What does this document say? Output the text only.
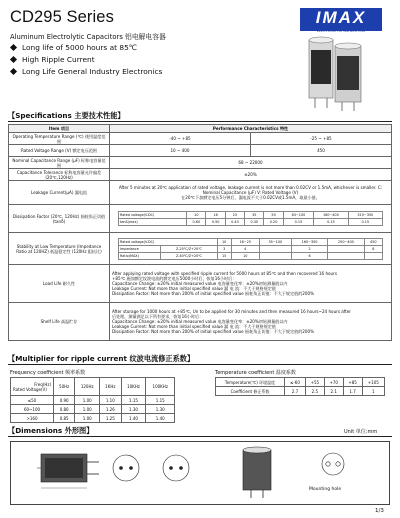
CD295 Series
Aluminum Electrolytic Capacitors 铝电解电容器
Long life of 5000 hours at 85℃
High Ripple Current
Long Life General Industry Electronics
IMAX
ELECTROLYTIC CAPACITORS
【Specifications 主要技术性能】
Item 项目	Performance Characteristics 特性
Operating Temperature Range (℃) 使用温度范围	-40 ~ +85	-25 ~ +85
Rated Voltage Range (V) 额定电压范围	10 ~ 400	450
Nominal Capacitance Range (μF) 标称电容量范围	68 ~ 22000
Capacitance Tolerance 标称电容量允许偏差(20℃,120Hz)	±20%
Leakage Current(μA) 漏电流	
After 5 minutes at 20℃ application of rated voltage, leakage current is not more than 0.02CV or 1.5mA, whichever is smaller. C: Nominal Capacitance (μF) V: Rated Voltage (V)
在20℃下加额定电压5分钟后，漏电流不大于0.02CV或1.5mA，取最小值。

Dissipation Factor (20℃, 120Hz) 损耗角正切值(tanδ)	
Rated voltage(V.DC)	10	16	25	35	50	63~100	160~400	315~350
tanδ(max)	0.60	0.50	0.40	0.30	0.20	0.15	0.15	0.15

Stability at Low Temperature (Impedance Ratio at 120HZ) 低温稳定性 (120Hz 阻抗比)	
Rated voltage(V.DC)	10	16~25	35~100	160~350	250~400	450
Impedance	Z-25℃/Z+20℃	3	4		2		8
Ratio(MAX)	Z-40℃/Z+20℃	15	10		6		

Load Life 耐久性	
After applying rated voltage with specified ripple current for 5000 hours at 85℃ and then recovered 16 hours
+85℃ 施加额定纹波电流的额定电压5000小时后，恢复16小时后：
Capacitance Change: ±20% initial measured value 电容量变化率：±20%初始测量值以内
Leakage Current: Not more than initial specified value 漏 电 流：不大于规格规定值
Dissipation Factor: Not more than 200% of initial specified value 损耗角正切值：不大于规定值的200%

Shelf Life 高温贮存	
After storage for 1000 hours at +85℃, Un to be applied for 30 minutes and then measured 16 hours~24 hours after
后处理，测量满足以下所有要求，恢复16小时后：
Capacitance Change: ±20% initial measured value 电容量变化率：±20%初始测量值以内
Leakage Current: Not more than initial specified value 漏 电 流：不大于规格规定值
Dissipation Factor: Not more than 200% of initial specified value 损耗角正切值：不大于规定值的200%
【Multiplier for ripple current 纹波电流修正系数】
Frequency coefficient 频率系数
Freq(Hz)
Rated Voltage(V)	50Hz	120Hz	1KHz	10KHz	100KHz
≤50	0.90	1.00	1.10	1.15	1.15
60~100	0.80	1.00	1.26	1.30	1.30
>160	0.85	1.00	1.25	1.40	1.40
Temperature coefficient 温度系数
Temperature(℃) 环境温度	≤-60	+55	+70	+85	+105
Coefficient 修正系数	2.7	2.5	2.1	1.7	1
【Dimensions 外形图】	Unit 单位:mm
Mounting hole
1/3
